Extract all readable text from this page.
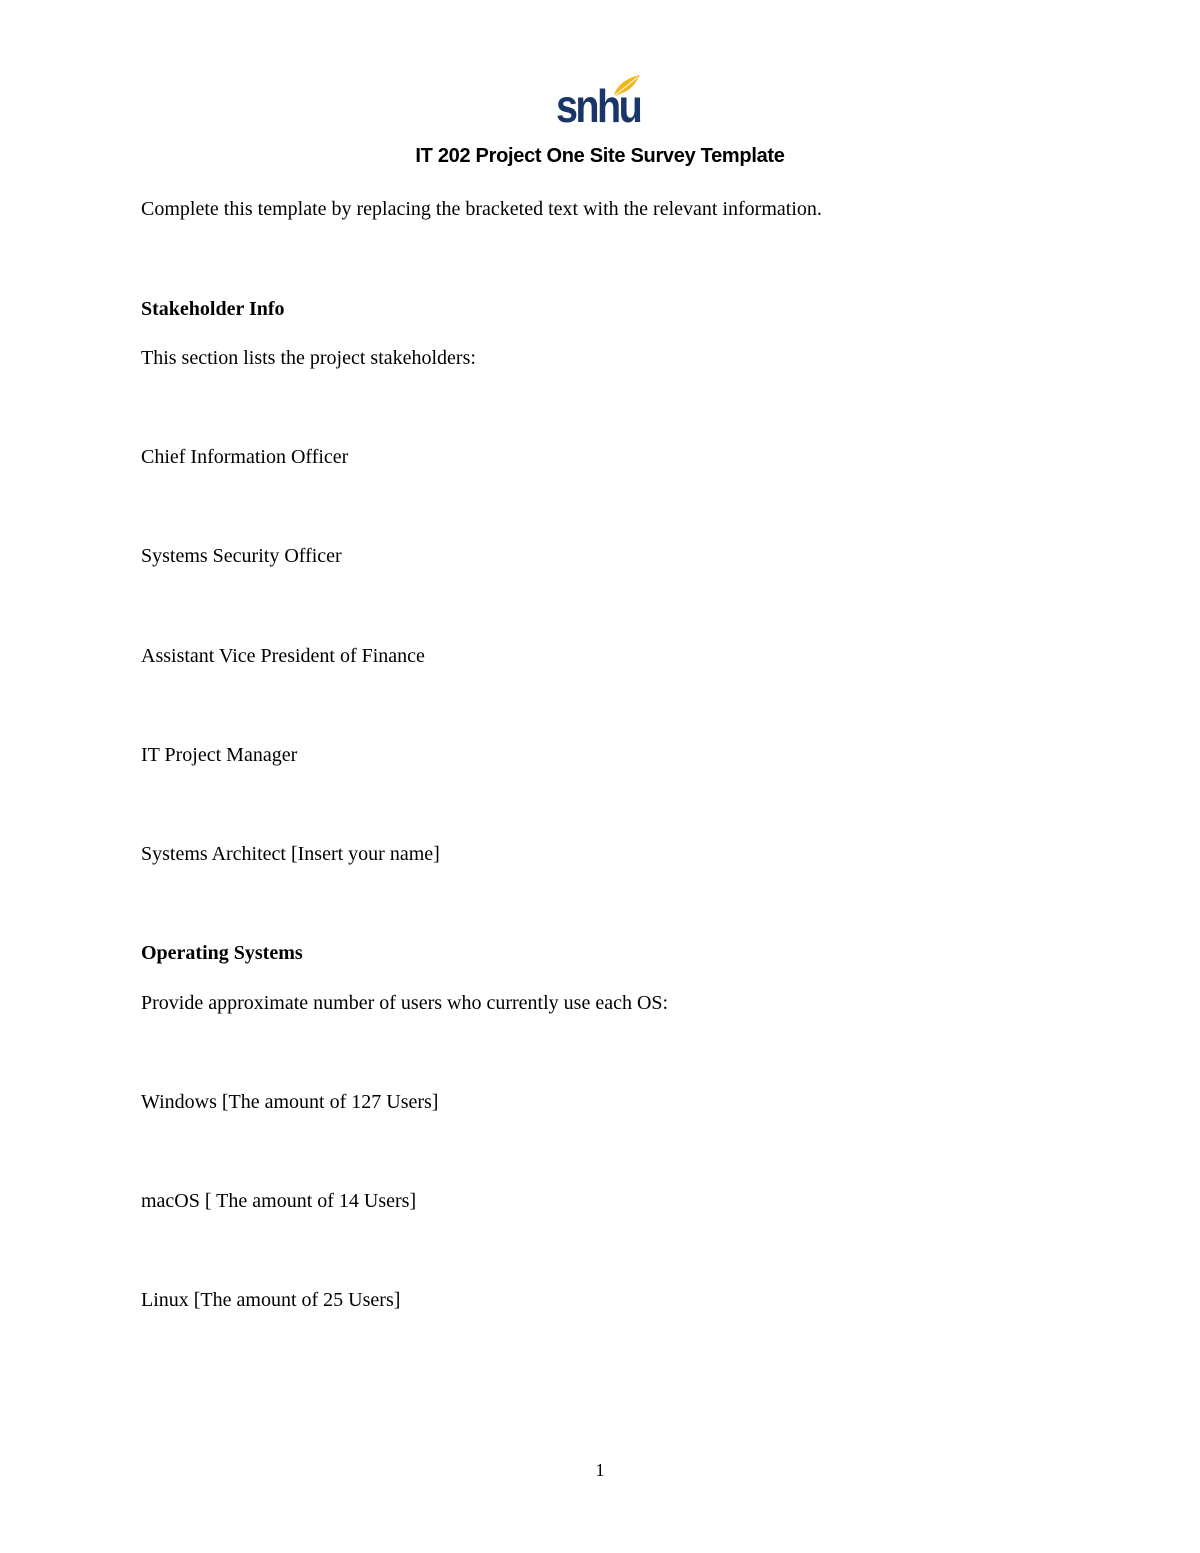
snhu
IT 202 Project One Site Survey Template
Complete this template by replacing the bracketed text with the relevant information.
Stakeholder Info
This section lists the project stakeholders:
Chief Information Officer
Systems Security Officer
Assistant Vice President of Finance
IT Project Manager
Systems Architect [Insert your name]
Operating Systems
Provide approximate number of users who currently use each OS:
Windows [The amount of 127 Users]
macOS [ The amount of 14 Users]
Linux [The amount of 25 Users]
1
